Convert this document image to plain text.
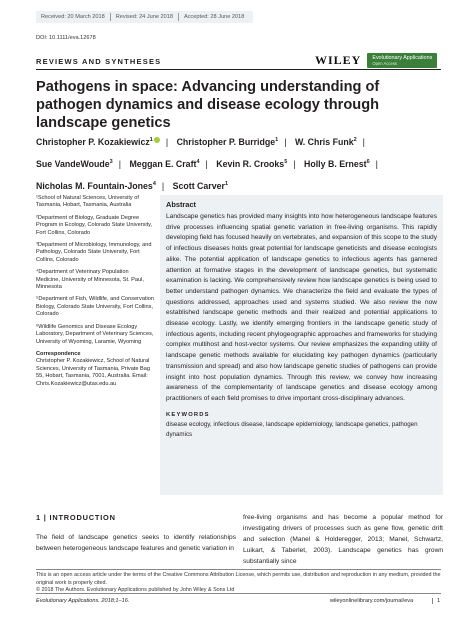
Received: 20 March 2018	Revised: 24 June 2018	Accepted: 28 June 2018
DOI: 10.1111/eva.12678
REVIEWS AND SYNTHESES	WILEY	Evolutionary Applications
Open Access
Pathogens in space: Advancing understanding of pathogen dynamics and disease ecology through landscape genetics
Christopher P. Kozakiewicz$^1$ | Christopher P. Burridge$^1$ | W. Chris Funk$^2$ |
Sue VandeWoude$^3$ | Meggan E. Craft$^4$ | Kevin R. Crooks$^5$ | Holly B. Ernest$^6$ |
Nicholas M. Fountain-Jones$^4$ | Scott Carver$^1$

¹School of Natural Sciences, University of Tasmania, Hobart, Tasmania, Australia

²Department of Biology, Graduate Degree Program in Ecology, Colorado State University, Fort Collins, Colorado

³Department of Microbiology, Immunology, and Pathology, Colorado State University, Fort Collins, Colorado

⁴Department of Veterinary Population Medicine, University of Minnesota, St. Paul, Minnesota

⁵Department of Fish, Wildlife, and Conservation Biology, Colorado State University, Fort Collins, Colorado

⁶Wildlife Genomics and Disease Ecology Laboratory, Department of Veterinary Sciences, University of Wyoming, Laramie, Wyoming

Correspondence

Christopher P. Kozakiewicz, School of Natural Sciences, University of Tasmania, Private Bag 55, Hobart, Tasmania, 7001, Australia. Email: Chris.Kozakiewicz@utas.edu.au

Abstract
Landscape genetics has provided many insights into how heterogeneous landscape features drive processes influencing spatial genetic variation in free-living organisms. This rapidly developing field has focused heavily on vertebrates, and expansion of this scope to the study of infectious diseases holds great potential for landscape geneticists and disease ecologists alike. The potential application of landscape genetics to infectious agents has garnered attention at formative stages in the development of landscape genetics, but systematic examination is lacking. We comprehensively review how landscape genetics is being used to better understand pathogen dynamics. We characterize the field and evaluate the types of questions addressed, approaches used and systems studied. We also review the now established landscape genetic methods and their realized and potential applications to disease ecology. Lastly, we identify emerging frontiers in the landscape genetic study of infectious agents, including recent phylogeographic approaches and frameworks for studying complex multihost and host-vector systems. Our review emphasizes the expanding utility of landscape genetic methods available for elucidating key pathogen dynamics (particularly transmission and spread) and also how landscape genetic studies of pathogens can provide insight into host population dynamics. Through this review, we convey how increasing awareness of the complementarity of landscape genetics and disease ecology among practitioners of each field promises to drive important cross-disciplinary advances.
KEYWORDS
disease ecology, infectious disease, landscape epidemiology, landscape genetics, pathogen dynamics
1 | INTRODUCTION
The field of landscape genetics seeks to identify relationships between heterogeneous landscape features and genetic variation in
free-living organisms and has become a popular method for investigating drivers of processes such as gene flow, genetic drift and selection (Manel & Holderegger, 2013; Manel, Schwartz, Luikart, & Taberlet, 2003). Landscape genetics has grown substantially since
This is an open access article under the terms of the Creative Commons Attribution License, which permits use, distribution and reproduction in any medium, provided the original work is properly cited.
© 2018 The Authors. Evolutionary Applications published by John Wiley & Sons Ltd
Evolutionary Applications. 2018;1–16.	wileyonlinelibrary.com/journal/eva	1
